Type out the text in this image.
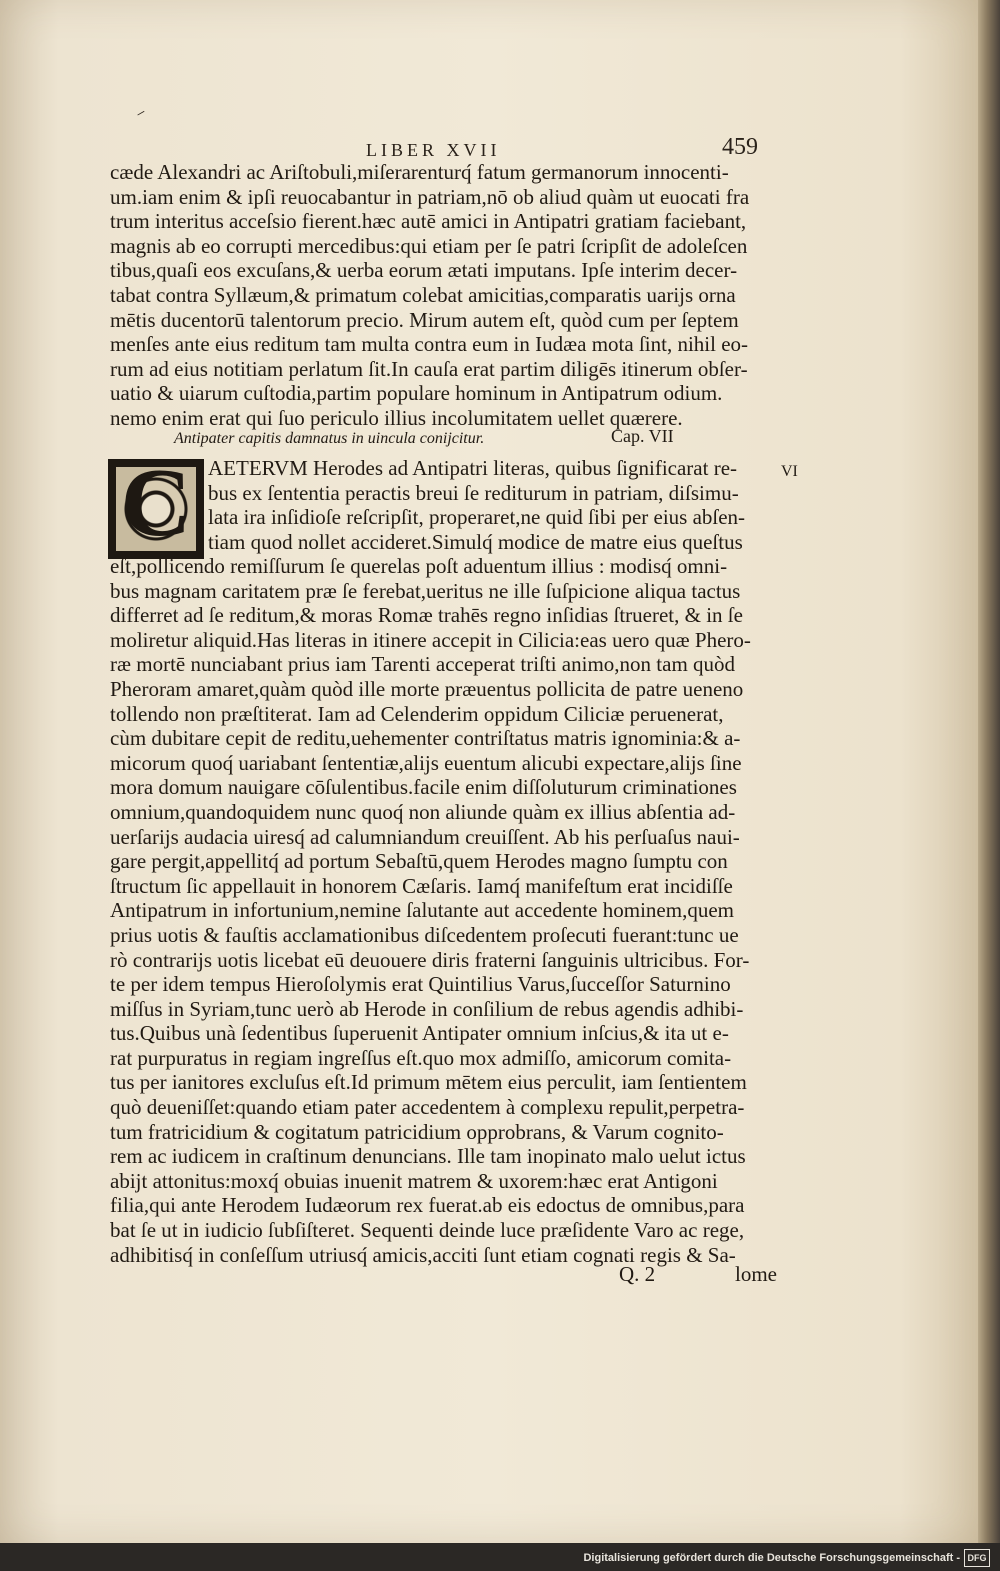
⸝
LIBER XVII	459
cæde Alexandri ac Ariſtobuli,miſerarenturq́ fatum germanorum innocenti-
um.iam enim & ipſi reuocabantur in patriam,nō ob aliud quàm ut euocati fra
trum interitus acceſsio fierent.hæc autē amici in Antipatri gratiam faciebant,
magnis ab eo corrupti mercedibus:qui etiam per ſe patri ſcripſit de adoleſcen
tibus,quaſi eos excuſans,& uerba eorum ætati imputans. Ipſe interim decer-
tabat contra Syllæum,& primatum colebat amicitias,comparatis uarijs orna
mētis ducentorū talentorum precio. Mirum autem eſt, quòd cum per ſeptem
menſes ante eius reditum tam multa contra eum in Iudæa mota ſint, nihil eo-
rum ad eius notitiam perlatum ſit.In cauſa erat partim diligēs itinerum obſer-
uatio & uiarum cuſtodia,partim populare hominum in Antipatrum odium.
nemo enim erat qui ſuo periculo illius incolumitatem uellet quærere.
Antipater capitis damnatus in uincula conijcitur.	Cap. VII
VI
C AETERVM Herodes ad Antipatri literas, quibus ſignificarat re-
bus ex ſententia peractis breui ſe rediturum in patriam, diſsimu-
lata ira inſidioſe reſcripſit, properaret,ne quid ſibi per eius abſen-
tiam quod nollet accideret.Simulq́ modice de matre eius queſtus
eſt,pollicendo remiſſurum ſe querelas poſt aduentum illius : modisq́ omni-
bus magnam caritatem præ ſe ferebat,ueritus ne ille ſuſpicione aliqua tactus
differret ad ſe reditum,& moras Romæ trahēs regno inſidias ſtrueret, & in ſe
moliretur aliquid.Has literas in itinere accepit in Cilicia:eas uero quæ Phero-
ræ mortē nunciabant prius iam Tarenti acceperat triſti animo,non tam quòd
Pheroram amaret,quàm quòd ille morte præuentus pollicita de patre ueneno
tollendo non præſtiterat. Iam ad Celenderim oppidum Ciliciæ peruenerat,
cùm dubitare cepit de reditu,uehementer contriſtatus matris ignominia:& a-
micorum quoq́ uariabant ſententiæ,alijs euentum alicubi expectare,alijs ſine
mora domum nauigare cōſulentibus.facile enim diſſoluturum criminationes
omnium,quandoquidem nunc quoq́ non aliunde quàm ex illius abſentia ad-
uerſarijs audacia uiresq́ ad calumniandum creuiſſent. Ab his perſuaſus naui-
gare pergit,appellitq́ ad portum Sebaſtū,quem Herodes magno ſumptu con
ſtructum ſic appellauit in honorem Cæſaris. Iamq́ manifeſtum erat incidiſſe
Antipatrum in infortunium,nemine ſalutante aut accedente hominem,quem
prius uotis & fauſtis acclamationibus diſcedentem proſecuti fuerant:tunc ue
rò contrarijs uotis licebat eū deuouere diris fraterni ſanguinis ultricibus. For-
te per idem tempus Hieroſolymis erat Quintilius Varus,ſucceſſor Saturnino
miſſus in Syriam,tunc uerò ab Herode in conſilium de rebus agendis adhibi-
tus.Quibus unà ſedentibus ſuperuenit Antipater omnium inſcius,& ita ut e-
rat purpuratus in regiam ingreſſus eſt.quo mox admiſſo, amicorum comita-
tus per ianitores excluſus eſt.Id primum mētem eius perculit, iam ſentientem
quò deueniſſet:quando etiam pater accedentem à complexu repulit,perpetra-
tum fratricidium & cogitatum patricidium opprobrans, & Varum cognito-
rem ac iudicem in craſtinum denuncians. Ille tam inopinato malo uelut ictus
abijt attonitus:moxq́ obuias inuenit matrem & uxorem:hæc erat Antigoni
filia,qui ante Herodem Iudæorum rex fuerat.ab eis edoctus de omnibus,para
bat ſe ut in iudicio ſubſiſteret. Sequenti deinde luce præſidente Varo ac rege,
adhibitisq́ in conſeſſum utriusq́ amicis,acciti ſunt etiam cognati regis & Sa-
Q. 2	lome
Digitalisierung gefördert durch die Deutsche Forschungsgemeinschaft - DFG
